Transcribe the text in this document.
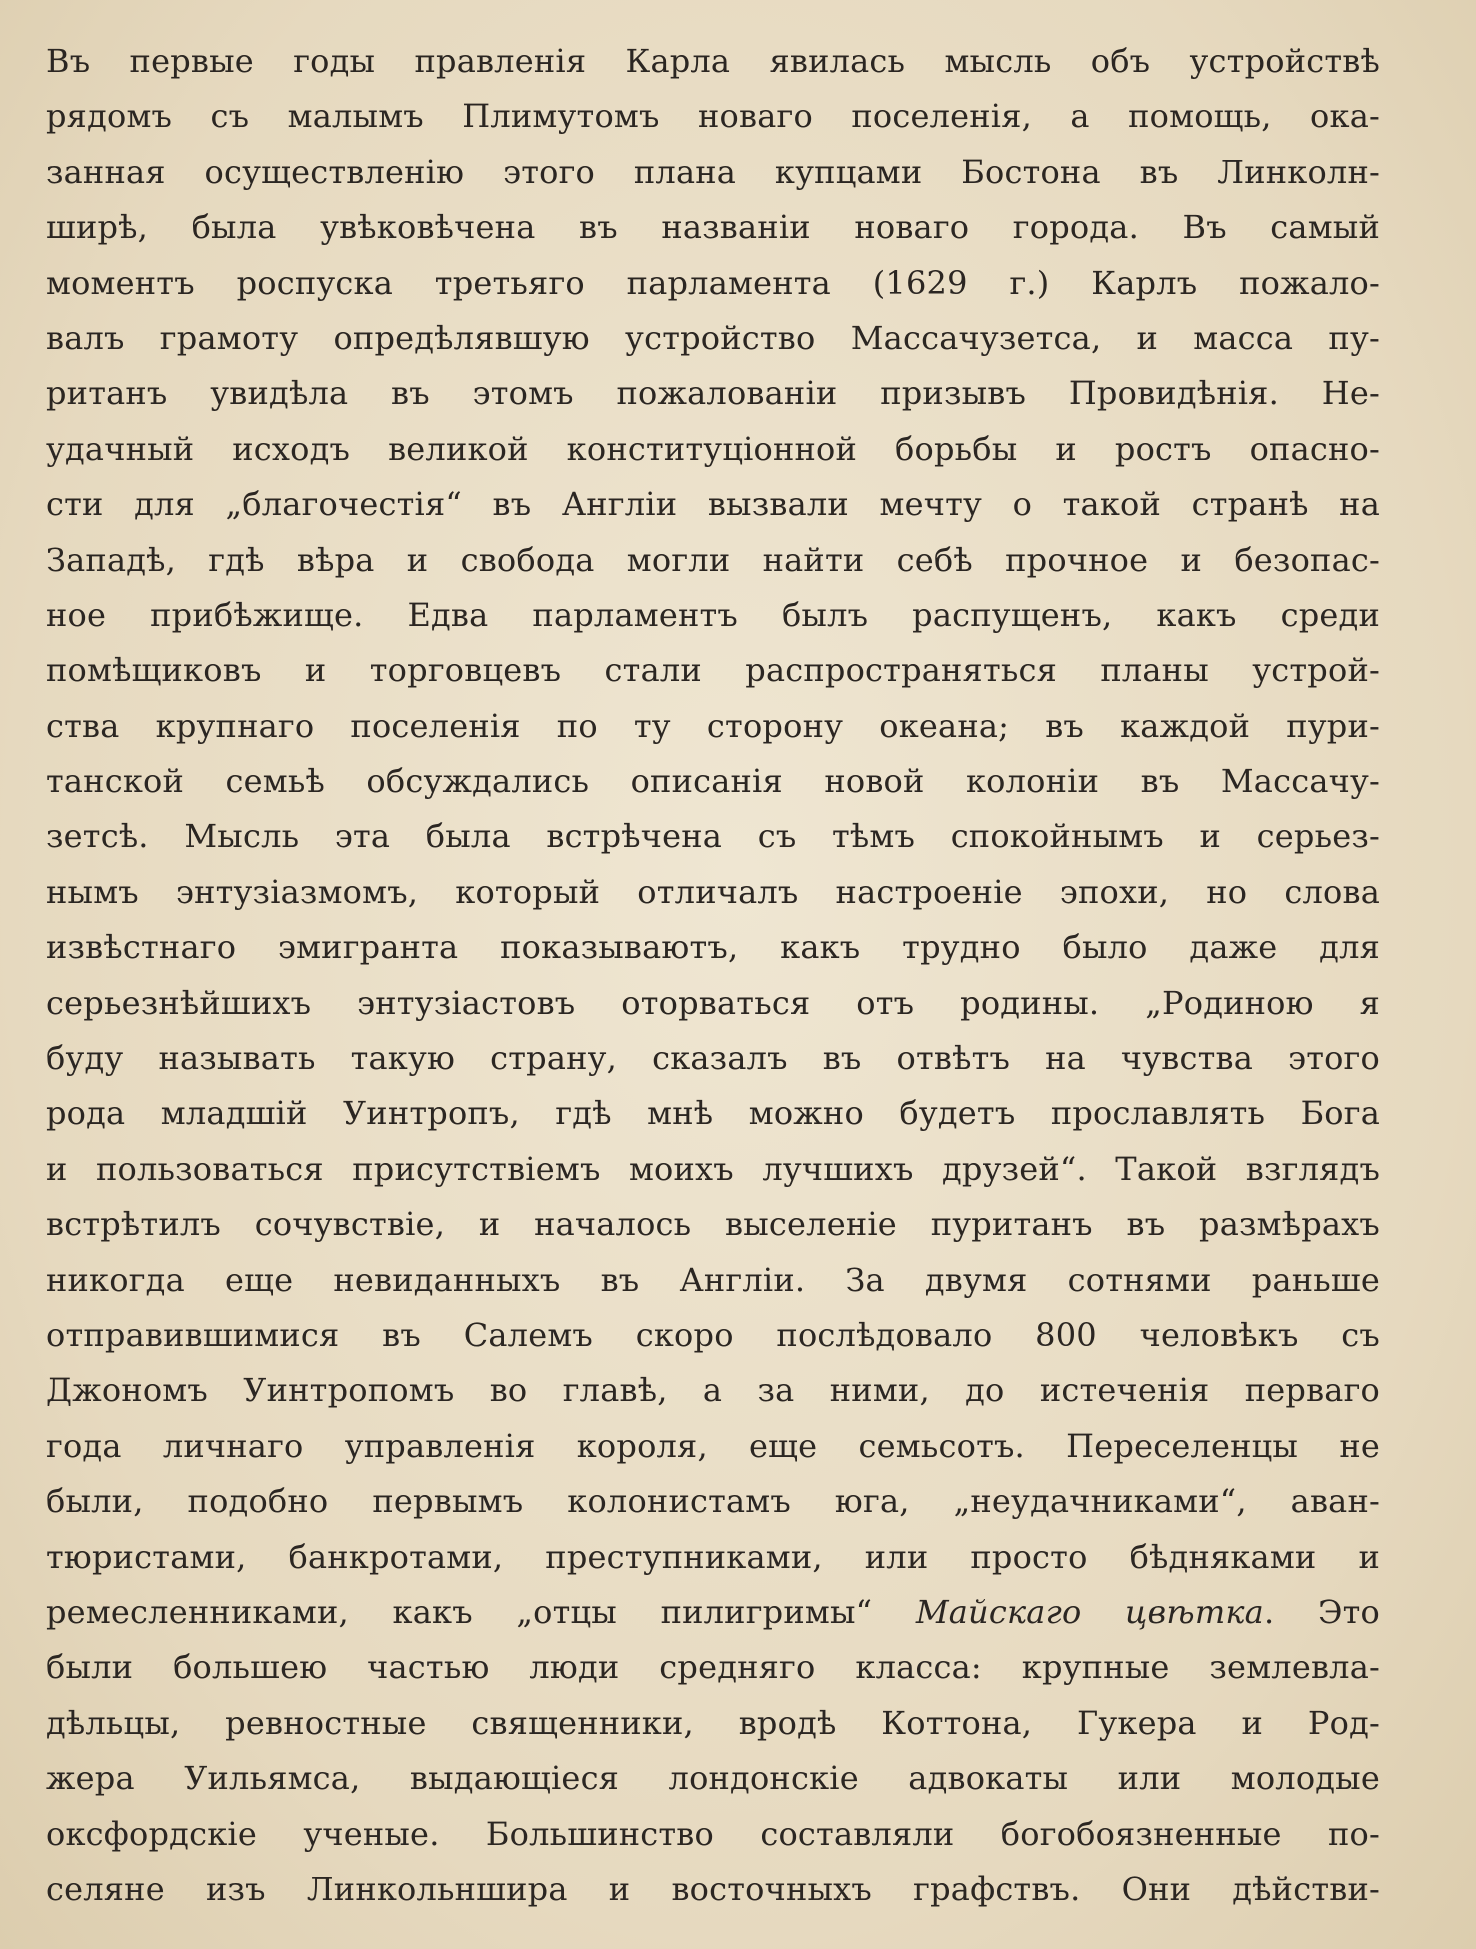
Въ первые годы правленія Карла явилась мысль объ устройствѣ
рядомъ съ малымъ Плимутомъ новаго поселенія, а помощь, ока-
занная осуществленію этого плана купцами Бостона въ Линколн-
ширѣ, была увѣковѣчена въ названіи новаго города. Въ самый
моментъ роспуска третьяго парламента (1629 г.) Карлъ пожало-
валъ грамоту опредѣлявшую устройство Массачузетса, и масса пу-
ританъ увидѣла въ этомъ пожалованіи призывъ Провидѣнія. Не-
удачный исходъ великой конституціонной борьбы и ростъ опасно-
сти для „благочестія“ въ Англіи вызвали мечту о такой странѣ на
Западѣ, гдѣ вѣра и свобода могли найти себѣ прочное и безопас-
ное прибѣжище. Едва парламентъ былъ распущенъ, какъ среди
помѣщиковъ и торговцевъ стали распространяться планы устрой-
ства крупнаго поселенія по ту сторону океана; въ каждой пури-
танской семьѣ обсуждались описанія новой колоніи въ Массачу-
зетсѣ. Мысль эта была встрѣчена съ тѣмъ спокойнымъ и серьез-
нымъ энтузіазмомъ, который отличалъ настроеніе эпохи, но слова
извѣстнаго эмигранта показываютъ, какъ трудно было даже для
серьезнѣйшихъ энтузіастовъ оторваться отъ родины. „Родиною я
буду называть такую страну, сказалъ въ отвѣтъ на чувства этого
рода младшій Уинтропъ, гдѣ мнѣ можно будетъ прославлять Бога
и пользоваться присутствіемъ моихъ лучшихъ друзей“. Такой взглядъ
встрѣтилъ сочувствіе, и началось выселеніе пуританъ въ размѣрахъ
никогда еще невиданныхъ въ Англіи. За двумя сотнями раньше
отправившимися въ Салемъ скоро послѣдовало 800 человѣкъ съ
Джономъ Уинтропомъ во главѣ, а за ними, до истеченія перваго
года личнаго управленія короля, еще семьсотъ. Переселенцы не
были, подобно первымъ колонистамъ юга, „неудачниками“, аван-
тюристами, банкротами, преступниками, или просто бѣдняками и
ремесленниками, какъ „отцы пилигримы“ Майскаго цвѣтка. Это
были большею частью люди средняго класса: крупные землевла-
дѣльцы, ревностные священники, вродѣ Коттона, Гукера и Род-
жера Уильямса, выдающіеся лондонскіе адвокаты или молодые
оксфордскіе ученые. Большинство составляли богобоязненные по-
селяне изъ Линкольншира и восточныхъ графствъ. Они дѣйстви-
